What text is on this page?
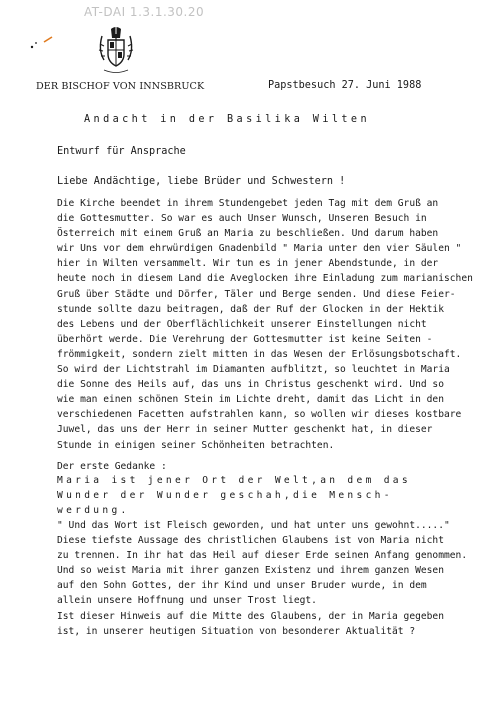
AT-DAI 1.3.1.30.20
DER BISCHOF VON INNSBRUCK	Papstbesuch 27. Juni 1988
Andacht in der Basilika Wilten
Entwurf für Ansprache
Liebe Andächtige, liebe Brüder und Schwestern !
Die Kirche beendet in ihrem Stundengebet jeden Tag mit dem Gruß an
die Gottesmutter. So war es auch Unser Wunsch, Unseren Besuch in
Österreich mit einem Gruß an Maria zu beschließen. Und darum haben
wir Uns vor dem ehrwürdigen Gnadenbild " Maria unter den vier Säulen "
hier in Wilten versammelt. Wir tun es in jener Abendstunde, in der
heute noch in diesem Land die Aveglocken ihre Einladung zum marianischen
Gruß über Städte und Dörfer, Täler und Berge senden. Und diese Feier-
stunde sollte dazu beitragen, daß der Ruf der Glocken in der Hektik
des Lebens und der Oberflächlichkeit unserer Einstellungen nicht
überhört werde. Die Verehrung der Gottesmutter ist keine Seiten -
frömmigkeit, sondern zielt mitten in das Wesen der Erlösungsbotschaft.
So wird der Lichtstrahl im Diamanten aufblitzt, so leuchtet in Maria
die Sonne des Heils auf, das uns in Christus geschenkt wird. Und so
wie man einen schönen Stein im Lichte dreht, damit das Licht in den
verschiedenen Facetten aufstrahlen kann, so wollen wir dieses kostbare
Juwel, das uns der Herr in seiner Mutter geschenkt hat, in dieser
Stunde in einigen seiner Schönheiten betrachten.
Der erste Gedanke :
Maria ist jener Ort der Welt,an dem das
Wunder der Wunder geschah,die Mensch-
werdung.
" Und das Wort ist Fleisch geworden, und hat unter uns gewohnt....."
Diese tiefste Aussage des christlichen Glaubens ist von Maria nicht
zu trennen. In ihr hat das Heil auf dieser Erde seinen Anfang genommen.
Und so weist Maria mit ihrer ganzen Existenz und ihrem ganzen Wesen
auf den Sohn Gottes, der ihr Kind und unser Bruder wurde, in dem
allein unsere Hoffnung und unser Trost liegt.
Ist dieser Hinweis auf die Mitte des Glaubens, der in Maria gegeben
ist, in unserer heutigen Situation von besonderer Aktualität ?
